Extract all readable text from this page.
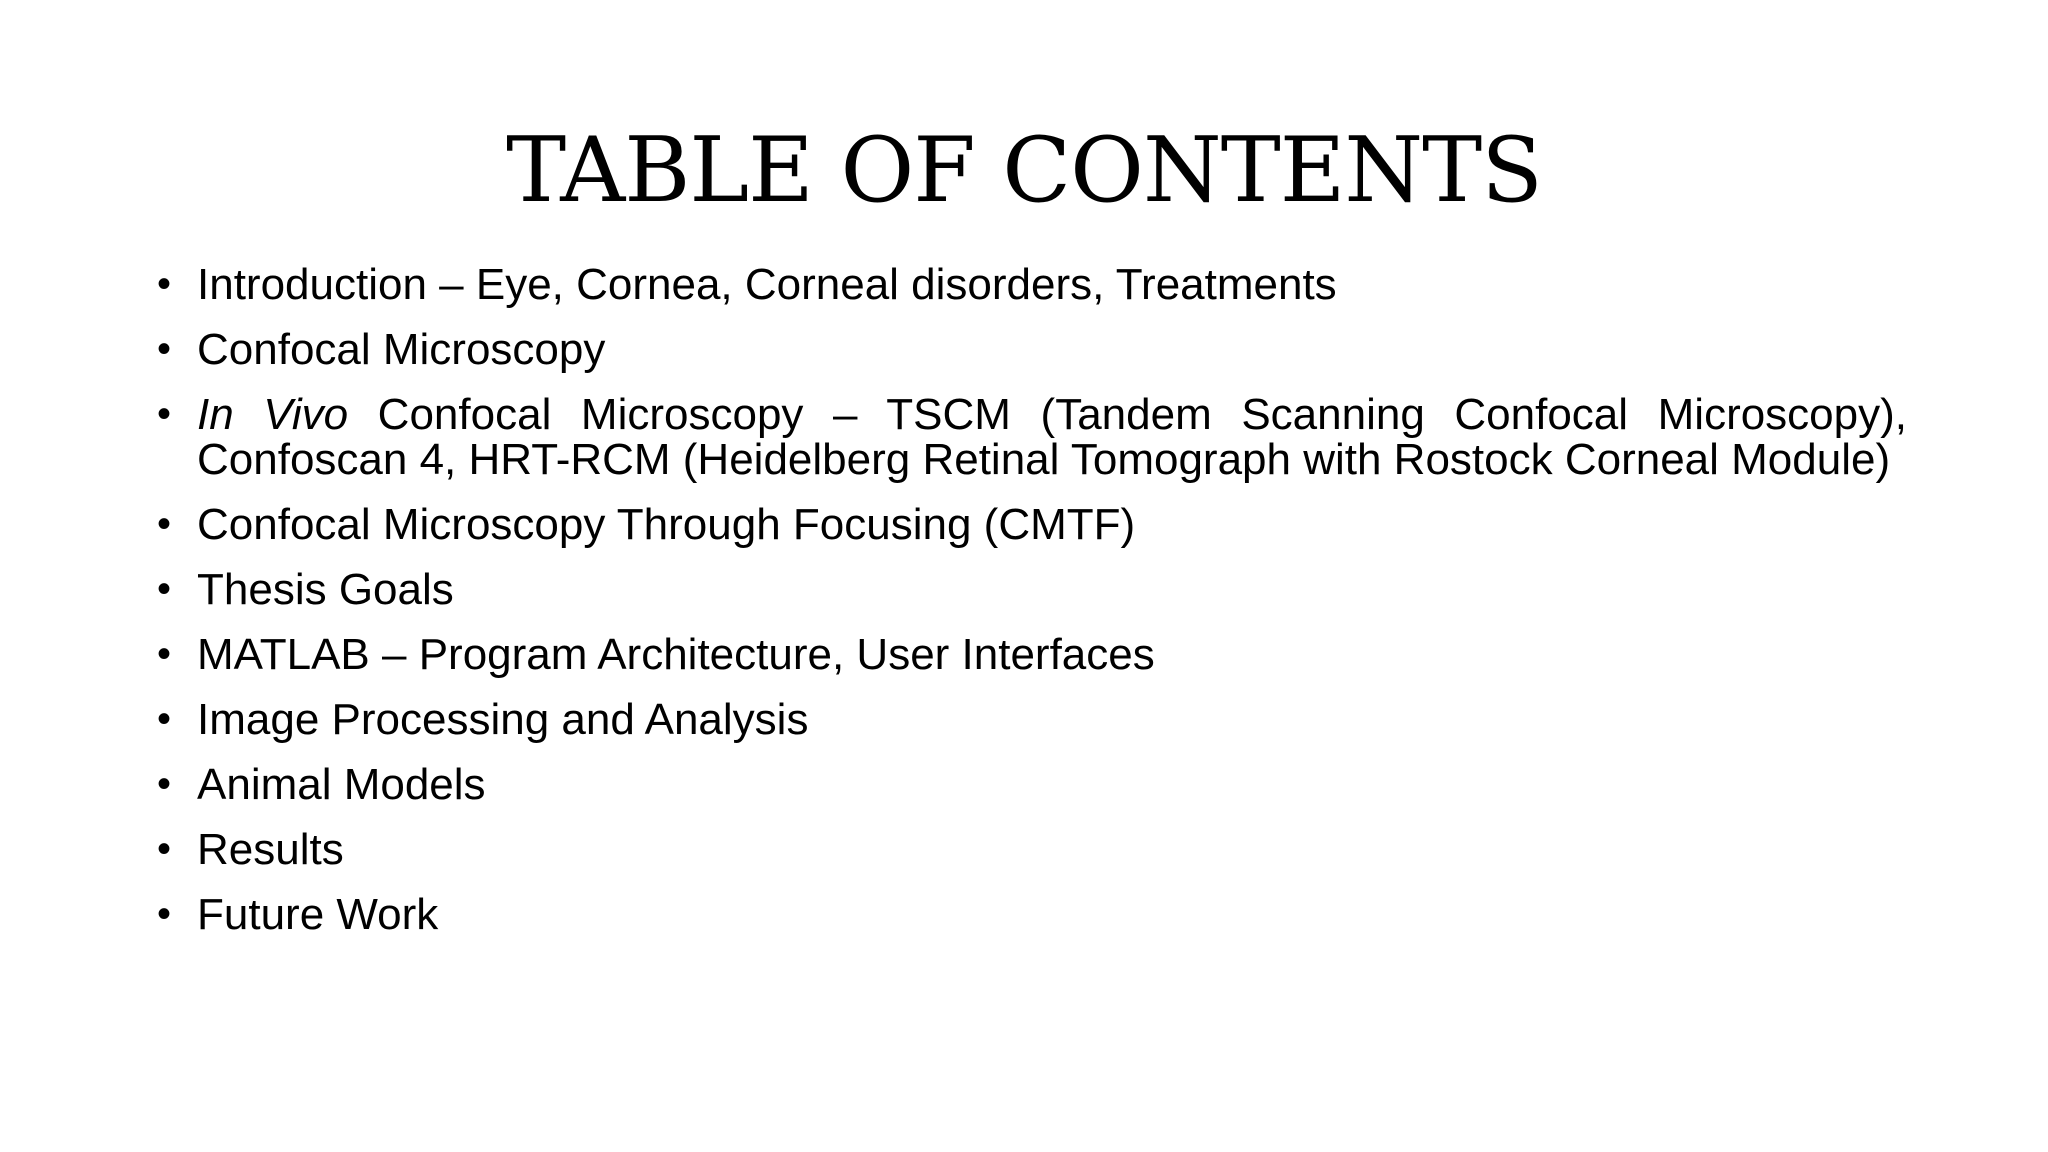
TABLE OF CONTENTS
• Introduction – Eye, Cornea, Corneal disorders, Treatments
• Confocal Microscopy
• In Vivo Confocal Microscopy – TSCM (Tandem Scanning Confocal Microscopy), Confoscan 4, HRT-RCM (Heidelberg Retinal Tomograph with Rostock Corneal Module)
• Confocal Microscopy Through Focusing (CMTF)
• Thesis Goals
• MATLAB – Program Architecture, User Interfaces
• Image Processing and Analysis
• Animal Models
• Results
• Future Work
